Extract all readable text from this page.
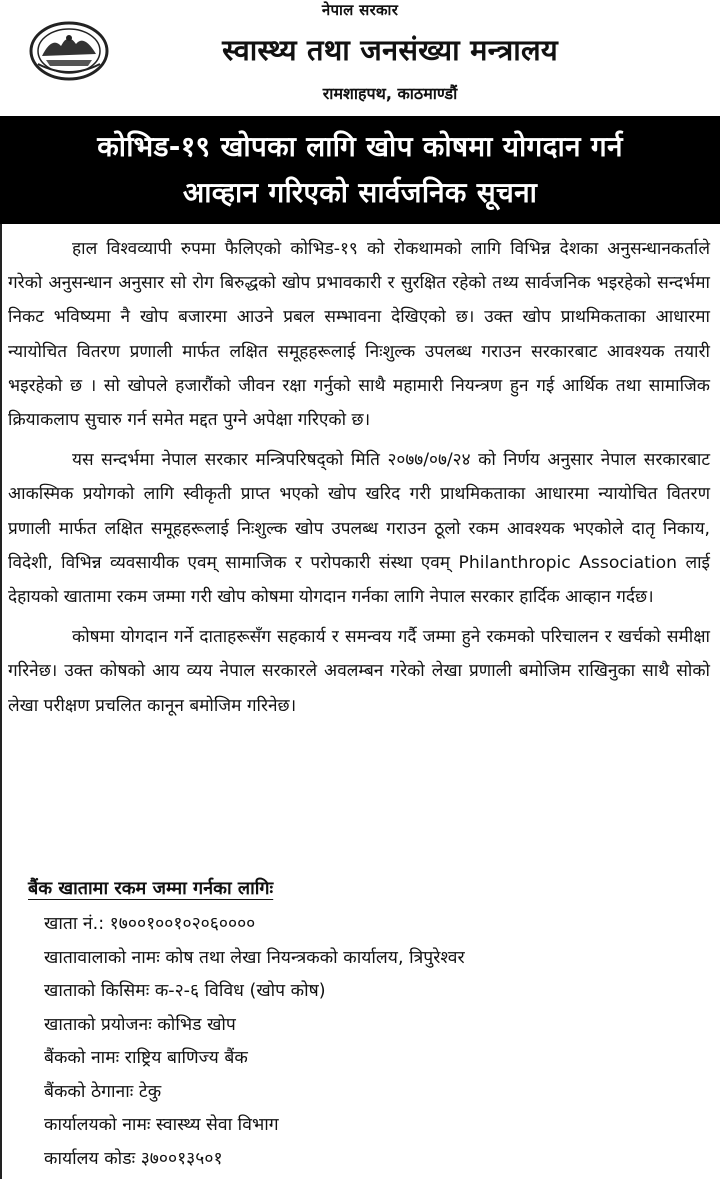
नेपाल सरकार
स्वास्थ्य तथा जनसंख्या मन्त्रालय
रामशाहपथ, काठमाण्डौं
कोभिड-१९ खोपका लागि खोप कोषमा योगदान गर्न
आव्हान गरिएको सार्वजनिक सूचना

हाल विश्वव्यापी रुपमा फैलिएको कोभिड-१९ को रोकथामको लागि विभिन्न देशका अनुसन्धानकर्ताले गरेको अनुसन्धान अनुसार सो रोग बिरुद्धको खोप प्रभावकारी र सुरक्षित रहेको तथ्य सार्वजनिक भइरहेको सन्दर्भमा निकट भविष्यमा नै खोप बजारमा आउने प्रबल सम्भावना देखिएको छ। उक्त खोप प्राथमिकताका आधारमा न्यायोचित वितरण प्रणाली मार्फत लक्षित समूहहरूलाई निःशुल्क उपलब्ध गराउन सरकारबाट आवश्यक तयारी भइरहेको छ । सो खोपले हजारौंको जीवन रक्षा गर्नुको साथै महामारी नियन्त्रण हुन गई आर्थिक तथा सामाजिक क्रियाकलाप सुचारु गर्न समेत मद्दत पुग्ने अपेक्षा गरिएको छ।

यस सन्दर्भमा नेपाल सरकार मन्त्रिपरिषद्को मिति २०७७/०७/२४ को निर्णय अनुसार नेपाल सरकारबाट आकस्मिक प्रयोगको लागि स्वीकृती प्राप्त भएको खोप खरिद गरी प्राथमिकताका आधारमा न्यायोचित वितरण प्रणाली मार्फत लक्षित समूहहरूलाई निःशुल्क खोप उपलब्ध गराउन ठूलो रकम आवश्यक भएकोले दातृ निकाय, विदेशी, विभिन्न व्यवसायीक एवम् सामाजिक र परोपकारी संस्था एवम् Philanthropic Association लाई देहायको खातामा रकम जम्मा गरी खोप कोषमा योगदान गर्नका लागि नेपाल सरकार हार्दिक आव्हान गर्दछ।

कोषमा योगदान गर्ने दाताहरूसँग सहकार्य र समन्वय गर्दै जम्मा हुने रकमको परिचालन र खर्चको समीक्षा गरिनेछ। उक्त कोषको आय व्यय नेपाल सरकारले अवलम्बन गरेको लेखा प्रणाली बमोजिम राखिनुका साथै सोको लेखा परीक्षण प्रचलित कानून बमोजिम गरिनेछ।

बैंक खातामा रकम जम्मा गर्नका लागिः
खाता नं.: १७००१००१०२०६००००
खातावालाको नामः कोष तथा लेखा नियन्त्रकको कार्यालय, त्रिपुरेश्वर
खाताको किसिमः क-२-६ विविध (खोप कोष)
खाताको प्रयोजनः कोभिड खोप
बैंकको नामः राष्ट्रिय बाणिज्य बैंक
बैंकको ठेगानाः टेकु
कार्यालयको नामः स्वास्थ्य सेवा विभाग
कार्यालय कोडः ३७००१३५०१
